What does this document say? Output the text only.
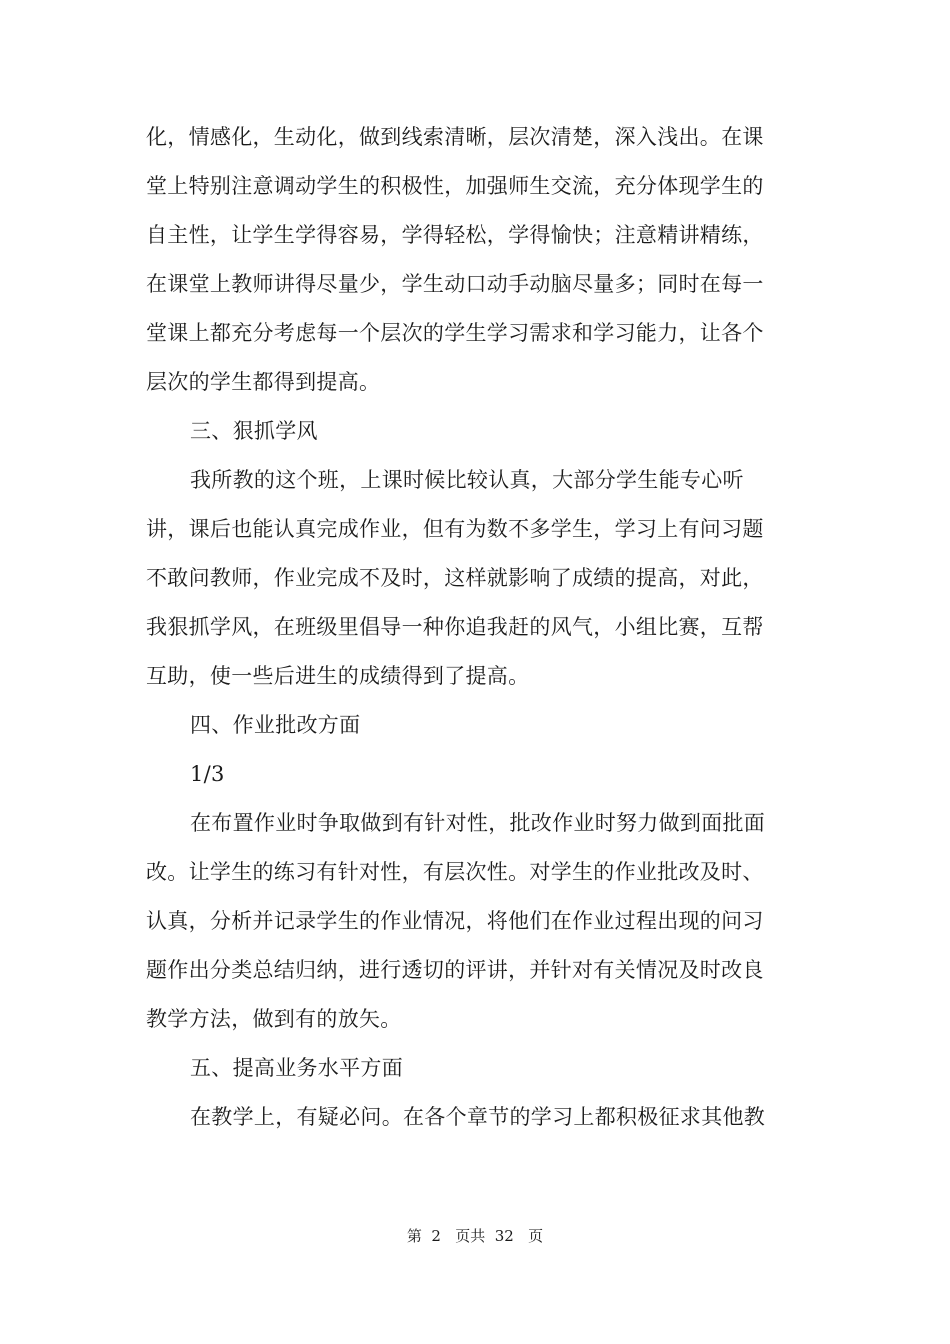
化，情感化，生动化，做到线索清晰，层次清楚，深入浅出。在课
堂上特别注意调动学生的积极性，加强师生交流，充分体现学生的
自主性，让学生学得容易，学得轻松，学得愉快；注意精讲精练，
在课堂上教师讲得尽量少，学生动口动手动脑尽量多；同时在每一
堂课上都充分考虑每一个层次的学生学习需求和学习能力，让各个
层次的学生都得到提高。
三、狠抓学风
我所教的这个班，上课时候比较认真，大部分学生能专心听
讲，课后也能认真完成作业，但有为数不多学生，学习上有问习题
不敢问教师，作业完成不及时，这样就影响了成绩的提高，对此，
我狠抓学风，在班级里倡导一种你追我赶的风气，小组比赛，互帮
互助，使一些后进生的成绩得到了提高。
四、作业批改方面
1/3
在布置作业时争取做到有针对性，批改作业时努力做到面批面
改。让学生的练习有针对性，有层次性。对学生的作业批改及时、
认真，分析并记录学生的作业情况，将他们在作业过程出现的问习
题作出分类总结归纳，进行透切的评讲，并针对有关情况及时改良
教学方法，做到有的放矢。
五、提高业务水平方面
在教学上，有疑必问。在各个章节的学习上都积极征求其他教
第  2   页共  32   页
